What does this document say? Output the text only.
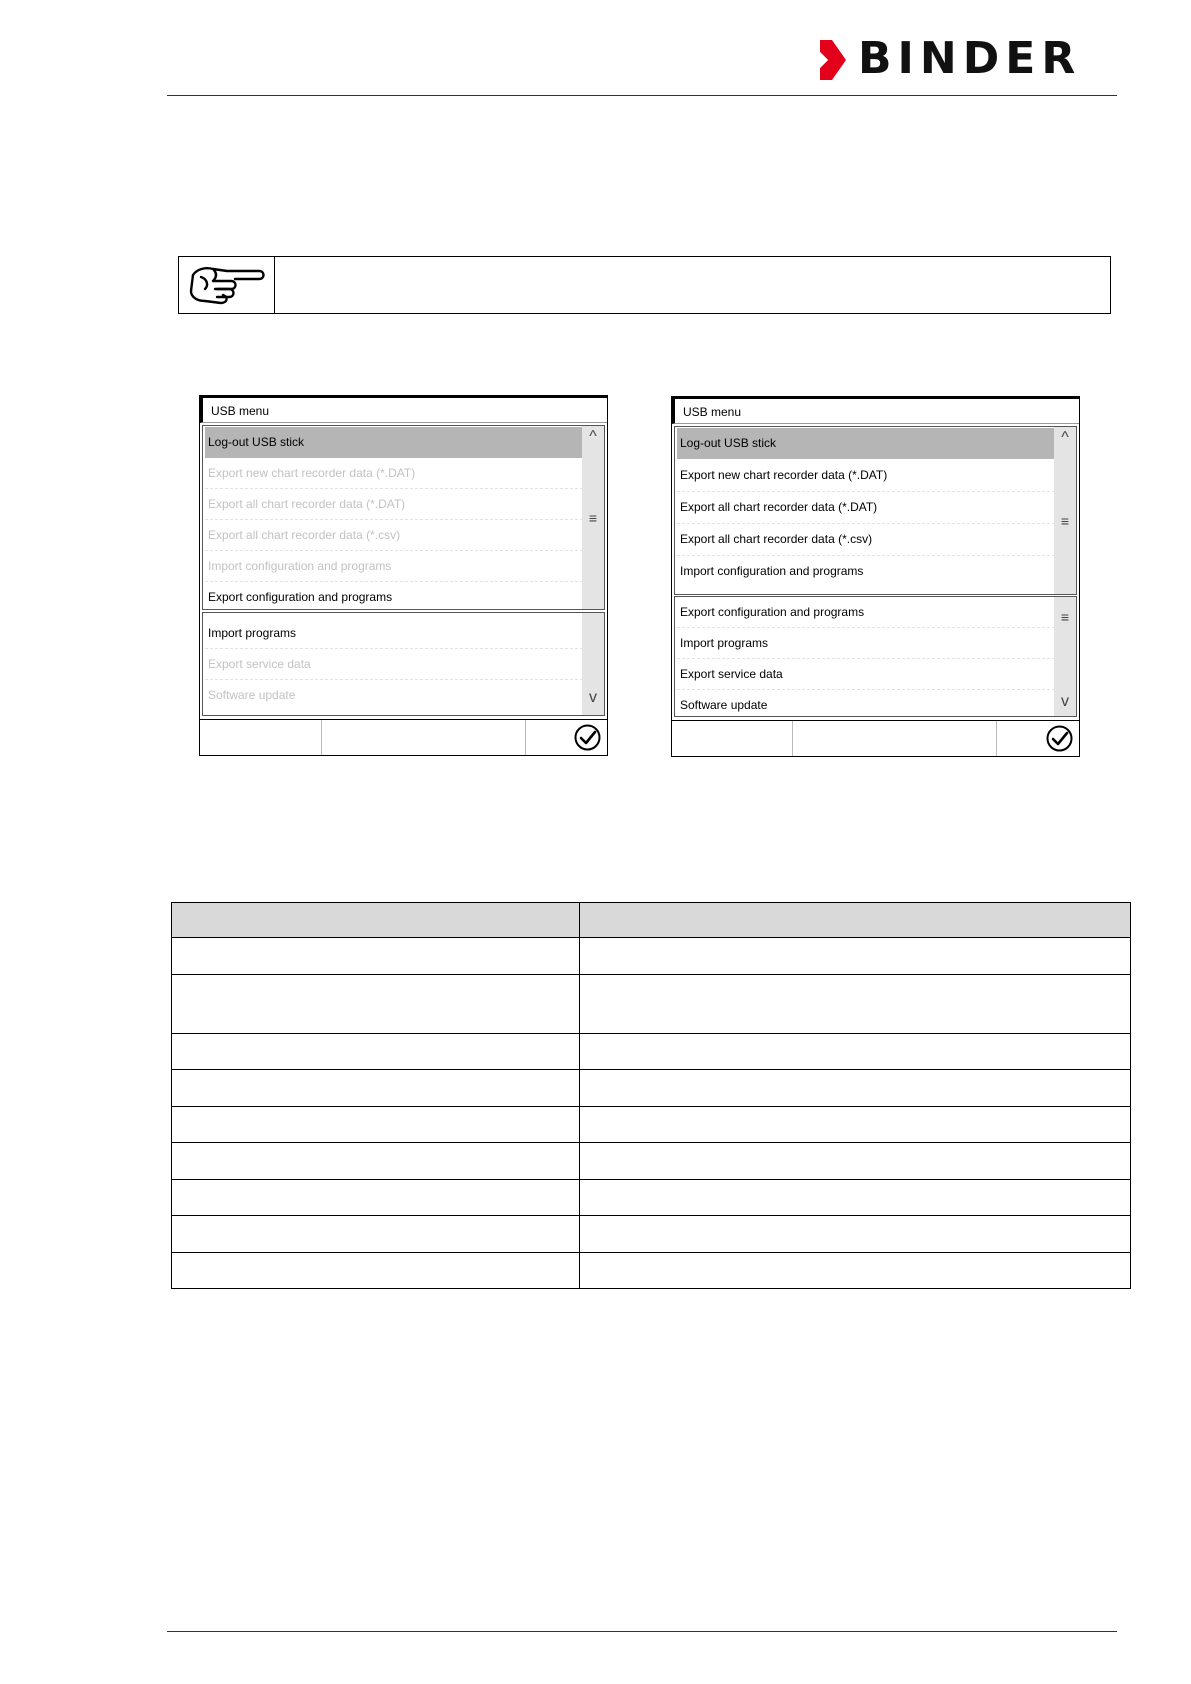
BINDER
USB menu
Log-out USB stick
Export new chart recorder data (*.DAT)
Export all chart recorder data (*.DAT)
Export all chart recorder data (*.csv)
Import configuration and programs
Export configuration and programs
^
≡
Import programs
Export service data
Software update	v
USB menu
Log-out USB stick
Export new chart recorder data (*.DAT)
Export all chart recorder data (*.DAT)
Export all chart recorder data (*.csv)
Import configuration and programs
^
≡
Export configuration and programs
Import programs
Export service data
Software update
≡
v
